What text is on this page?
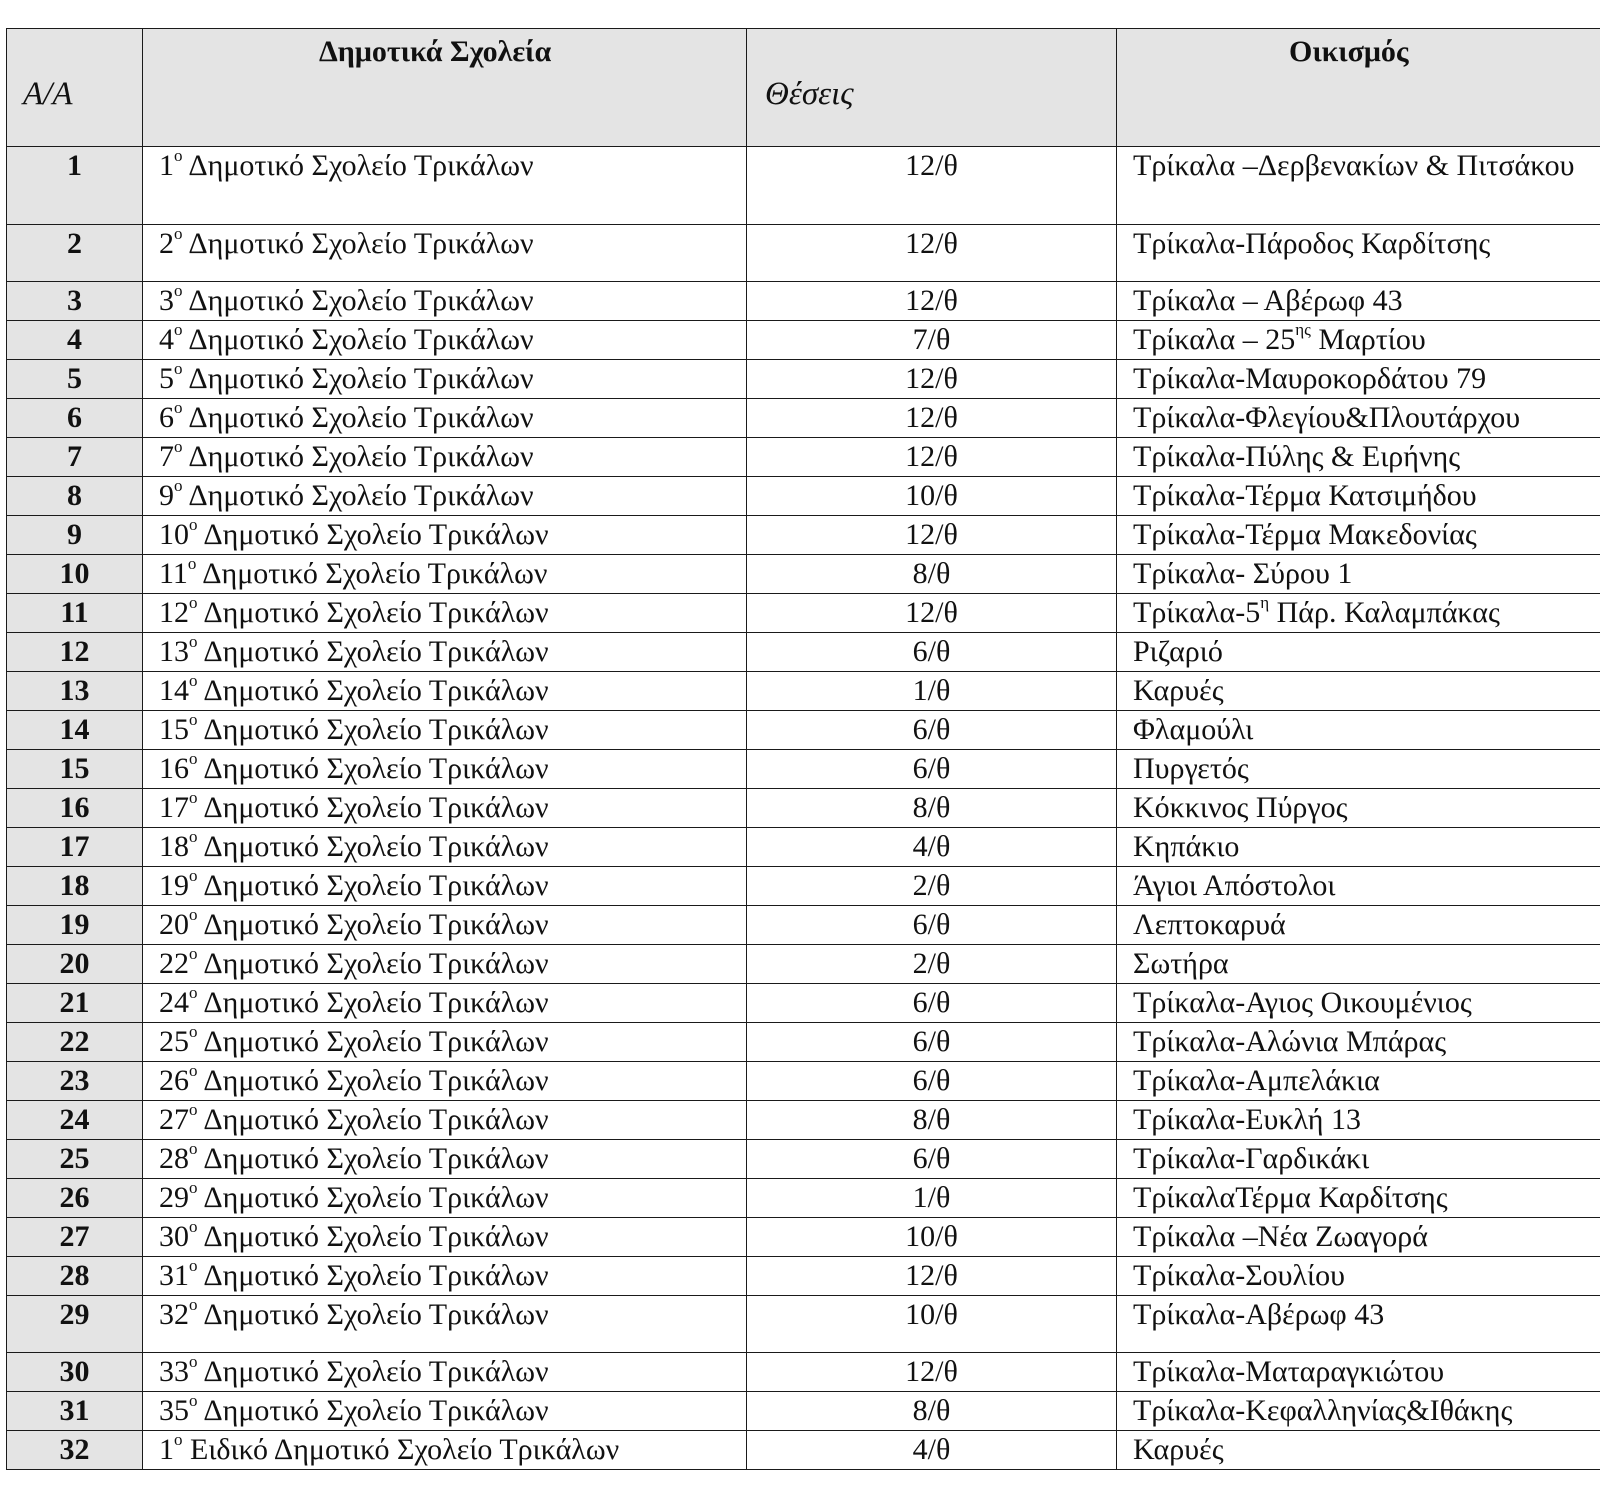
Α/Α	Δημοτικά Σχολεία	Θέσεις	Οικισμός

1	$1^o$ Δημοτικό Σχολείο Τρικάλων	12/θ	Τρίκαλα –Δερβενακίων & Πιτσάκου
2	$2^o$ Δημοτικό Σχολείο Τρικάλων	12/θ	Τρίκαλα-Πάροδος Καρδίτσης
3	$3^o$ Δημοτικό Σχολείο Τρικάλων	12/θ	Τρίκαλα – Αβέρωφ 43
4	$4^o$ Δημοτικό Σχολείο Τρικάλων	7/θ	Τρίκαλα – $25^{\eta\varsigma}$ Μαρτίου
5	$5^o$ Δημοτικό Σχολείο Τρικάλων	12/θ	Τρίκαλα-Μαυροκορδάτου 79
6	$6^o$ Δημοτικό Σχολείο Τρικάλων	12/θ	Τρίκαλα-Φλεγίου&Πλουτάρχου
7	$7^o$ Δημοτικό Σχολείο Τρικάλων	12/θ	Τρίκαλα-Πύλης & Ειρήνης
8	$9^o$ Δημοτικό Σχολείο Τρικάλων	10/θ	Τρίκαλα-Τέρμα Κατσιμήδου
9	$10^o$ Δημοτικό Σχολείο Τρικάλων	12/θ	Τρίκαλα-Τέρμα Μακεδονίας
10	$11^o$ Δημοτικό Σχολείο Τρικάλων	8/θ	Τρίκαλα- Σύρου 1
11	$12^o$ Δημοτικό Σχολείο Τρικάλων	12/θ	Τρίκαλα-$5^\eta$ Πάρ. Καλαμπάκας
12	$13^o$ Δημοτικό Σχολείο Τρικάλων	6/θ	Ριζαριό
13	$14^o$ Δημοτικό Σχολείο Τρικάλων	1/θ	Καρυές
14	$15^o$ Δημοτικό Σχολείο Τρικάλων	6/θ	Φλαμούλι
15	$16^o$ Δημοτικό Σχολείο Τρικάλων	6/θ	Πυργετός
16	$17^o$ Δημοτικό Σχολείο Τρικάλων	8/θ	Κόκκινος Πύργος
17	$18^o$ Δημοτικό Σχολείο Τρικάλων	4/θ	Κηπάκιο
18	$19^o$ Δημοτικό Σχολείο Τρικάλων	2/θ	Άγιοι Απόστολοι
19	$20^o$ Δημοτικό Σχολείο Τρικάλων	6/θ	Λεπτοκαρυά
20	$22^o$ Δημοτικό Σχολείο Τρικάλων	2/θ	Σωτήρα
21	$24^o$ Δημοτικό Σχολείο Τρικάλων	6/θ	Τρίκαλα-Αγιος Οικουμένιος
22	$25^o$ Δημοτικό Σχολείο Τρικάλων	6/θ	Τρίκαλα-Αλώνια Μπάρας
23	$26^o$ Δημοτικό Σχολείο Τρικάλων	6/θ	Τρίκαλα-Αμπελάκια
24	$27^o$ Δημοτικό Σχολείο Τρικάλων	8/θ	Τρίκαλα-Ευκλή 13
25	$28^o$ Δημοτικό Σχολείο Τρικάλων	6/θ	Τρίκαλα-Γαρδικάκι
26	$29^o$ Δημοτικό Σχολείο Τρικάλων	1/θ	ΤρίκαλαΤέρμα Καρδίτσης
27	$30^o$ Δημοτικό Σχολείο Τρικάλων	10/θ	Τρίκαλα –Νέα Ζωαγορά
28	$31^o$ Δημοτικό Σχολείο Τρικάλων	12/θ	Τρίκαλα-Σουλίου
29	$32^o$ Δημοτικό Σχολείο Τρικάλων	10/θ	Τρίκαλα-Αβέρωφ 43
30	$33^o$ Δημοτικό Σχολείο Τρικάλων	12/θ	Τρίκαλα-Ματαραγκιώτου
31	$35^o$ Δημοτικό Σχολείο Τρικάλων	8/θ	Τρίκαλα-Κεφαλληνίας&Ιθάκης
32	$1^o$ Ειδικό Δημοτικό Σχολείο Τρικάλων	4/θ	Καρυές
